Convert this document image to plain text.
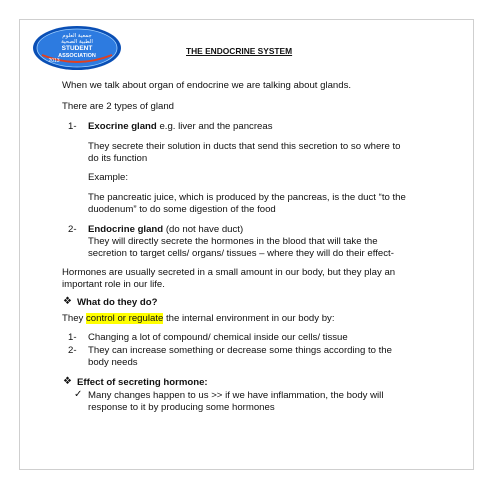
جمعية العلوم
الطبية الصحية
STUDENT
ASSOCIATION
2013
THE ENDOCRINE SYSTEM
When we talk about organ of endocrine we are talking about glands.
There are 2 types of gland
1- Exocrine gland e.g. liver and the pancreas
They secrete their solution in ducts that send this secretion to so where to
do its function
Example:
The pancreatic juice, which is produced by the pancreas, is the duct “to the
duodenum” to do some digestion of the food
2- Endocrine gland (do not have duct)
They will directly secrete the hormones in the blood that will take the
secretion to target cells/ organs/ tissues – where they will do their effect-
Hormones are usually secreted in a small amount in our body, but they play an
important role in our life.
❖ What do they do?
They control or regulate the internal environment in our body by:
1- Changing a lot of compound/ chemical inside our cells/ tissue
2- They can increase something or decrease some things according to the
body needs
❖ Effect of secreting hormone:
✓ Many changes happen to us >> if we have inflammation, the body will
response to it by producing some hormones
